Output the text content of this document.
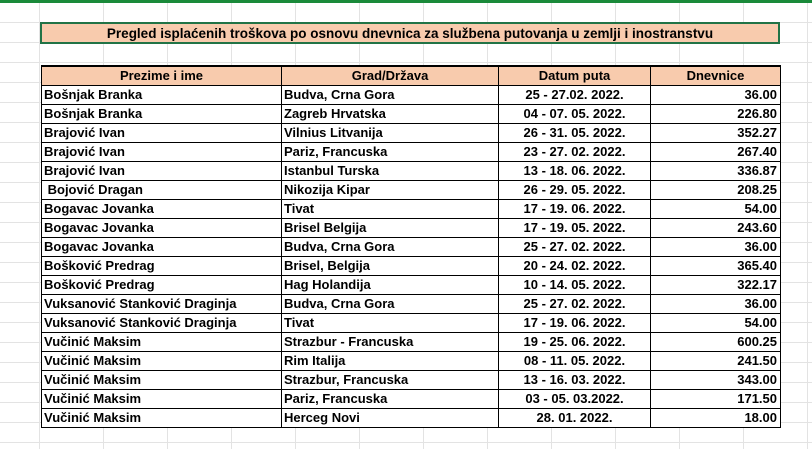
Pregled isplaćenih troškova po osnovu dnevnica za službena putovanja u zemlji i inostranstvu
Prezime i ime	Grad/Država	Datum puta	Dnevnice
Bošnjak Branka	Budva, Crna Gora	25 - 27.02. 2022.	36.00
Bošnjak Branka	Zagreb Hrvatska	04 - 07. 05. 2022.	226.80
Brajović Ivan	Vilnius Litvanija	26 - 31. 05. 2022.	352.27
Brajović Ivan	Pariz, Francuska	23 - 27. 02. 2022.	267.40
Brajović Ivan	Istanbul Turska	13 - 18. 06. 2022.	336.87
Bojović Dragan	Nikozija Kipar	26 - 29. 05. 2022.	208.25
Bogavac Jovanka	Tivat	17 - 19. 06. 2022.	54.00
Bogavac Jovanka	Brisel Belgija	17 - 19. 05. 2022.	243.60
Bogavac Jovanka	Budva, Crna Gora	25 - 27. 02. 2022.	36.00
Bošković Predrag	Brisel, Belgija	20 - 24. 02. 2022.	365.40
Bošković Predrag	Hag Holandija	10 - 14. 05. 2022.	322.17
Vuksanović Stanković Draginja	Budva, Crna Gora	25 - 27. 02. 2022.	36.00
Vuksanović Stanković Draginja	Tivat	17 - 19. 06. 2022.	54.00
Vučinić Maksim	Strazbur - Francuska	19 - 25. 06. 2022.	600.25
Vučinić Maksim	Rim Italija	08 - 11. 05. 2022.	241.50
Vučinić Maksim	Strazbur, Francuska	13 - 16. 03. 2022.	343.00
Vučinić Maksim	Pariz, Francuska	03 - 05. 03.2022.	171.50
Vučinić Maksim	Herceg Novi	28. 01. 2022.	18.00
